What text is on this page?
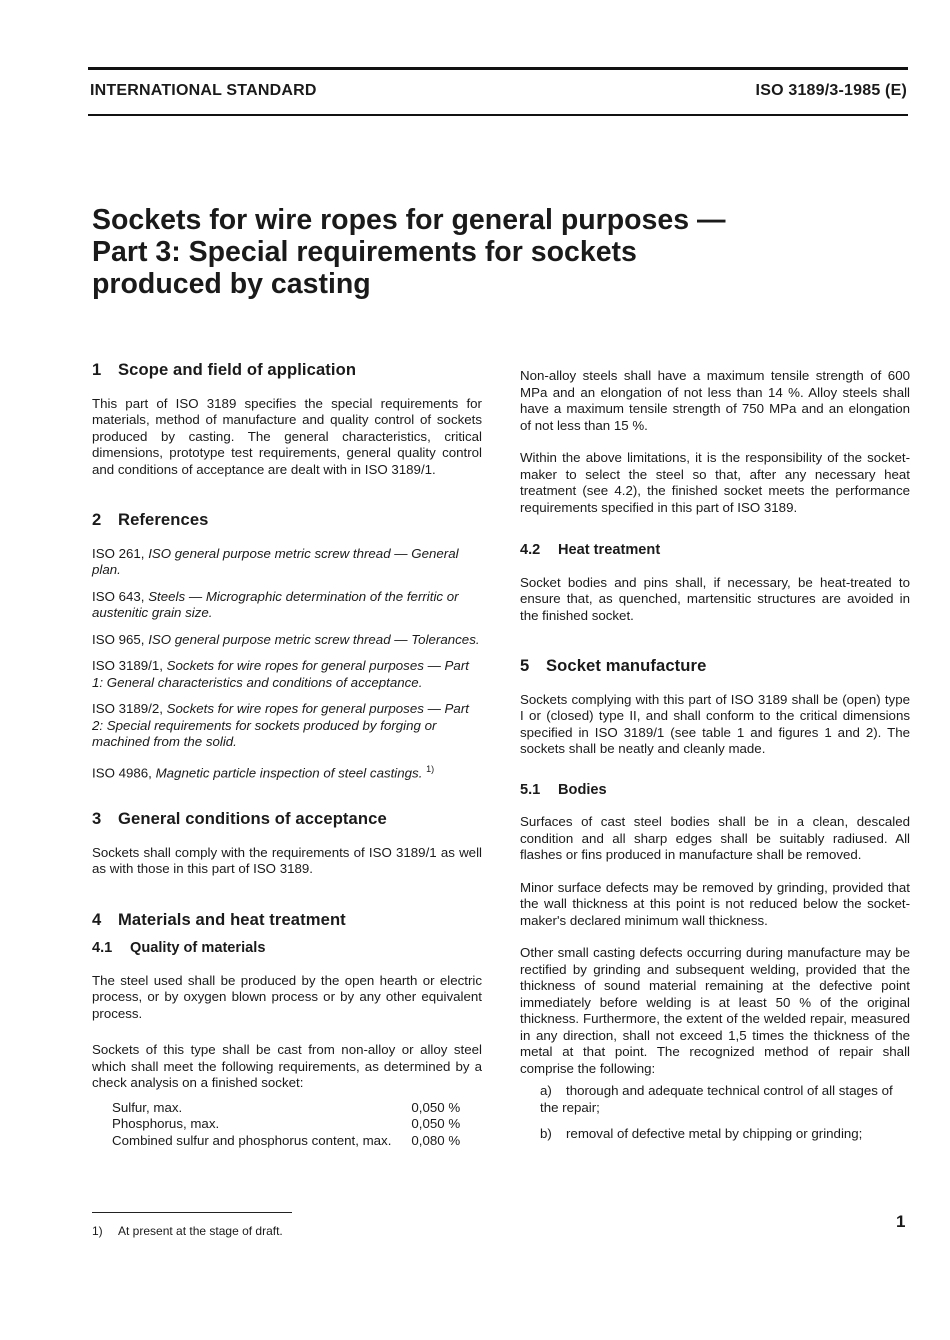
INTERNATIONAL STANDARD	ISO 3189/3-1985 (E)
Sockets for wire ropes for general purposes —
Part 3: Special requirements for sockets
produced by casting
1 Scope and field of application

This part of ISO 3189 specifies the special requirements for materials, method of manufacture and quality control of sockets produced by casting. The general characteristics, critical dimensions, prototype test requirements, general quality control and conditions of acceptance are dealt with in ISO 3189/1.

2 References

ISO 261, ISO general purpose metric screw thread — General plan.

ISO 643, Steels — Micrographic determination of the ferritic or austenitic grain size.

ISO 965, ISO general purpose metric screw thread — Tolerances.

ISO 3189/1, Sockets for wire ropes for general purposes — Part 1: General characteristics and conditions of acceptance.

ISO 3189/2, Sockets for wire ropes for general purposes — Part 2: Special requirements for sockets produced by forging or machined from the solid.

ISO 4986, Magnetic particle inspection of steel castings. $^{1)}$

3 General conditions of acceptance

Sockets shall comply with the requirements of ISO 3189/1 as well as with those in this part of ISO 3189.

4 Materials and heat treatment
4.1 Quality of materials

The steel used shall be produced by the open hearth or electric process, or by oxygen blown process or by any other equivalent process.

Sockets of this type shall be cast from non-alloy or alloy steel which shall meet the following requirements, as determined by a check analysis on a finished socket:

Sulfur, max.	0,050 %
Phosphorus, max.	0,050 %
Combined sulfur and phosphorus content, max.	0,080 %

Non-alloy steels shall have a maximum tensile strength of 600 MPa and an elongation of not less than 14 %. Alloy steels shall have a maximum tensile strength of 750 MPa and an elongation of not less than 15 %.

Within the above limitations, it is the responsibility of the socket-maker to select the steel so that, after any necessary heat treatment (see 4.2), the finished socket meets the performance requirements specified in this part of ISO 3189.

4.2 Heat treatment

Socket bodies and pins shall, if necessary, be heat-treated to ensure that, as quenched, martensitic structures are avoided in the finished socket.

5 Socket manufacture

Sockets complying with this part of ISO 3189 shall be (open) type I or (closed) type II, and shall conform to the critical dimensions specified in ISO 3189/1 (see table 1 and figures 1 and 2). The sockets shall be neatly and cleanly made.

5.1 Bodies

Surfaces of cast steel bodies shall be in a clean, descaled condition and all sharp edges shall be suitably radiused. All flashes or fins produced in manufacture shall be removed.

Minor surface defects may be removed by grinding, provided that the wall thickness at this point is not reduced below the socket-maker's declared minimum wall thickness.

Other small casting defects occurring during manufacture may be rectified by grinding and subsequent welding, provided that the thickness of sound material remaining at the defective point immediately before welding is at least 50 % of the original thickness. Furthermore, the extent of the welded repair, measured in any direction, shall not exceed 1,5 times the thickness of the metal at that point. The recognized method of repair shall comprise the following:

a) thorough and adequate technical control of all stages of the repair;
b) removal of defective metal by chipping or grinding;
1) At present at the stage of draft.	1
